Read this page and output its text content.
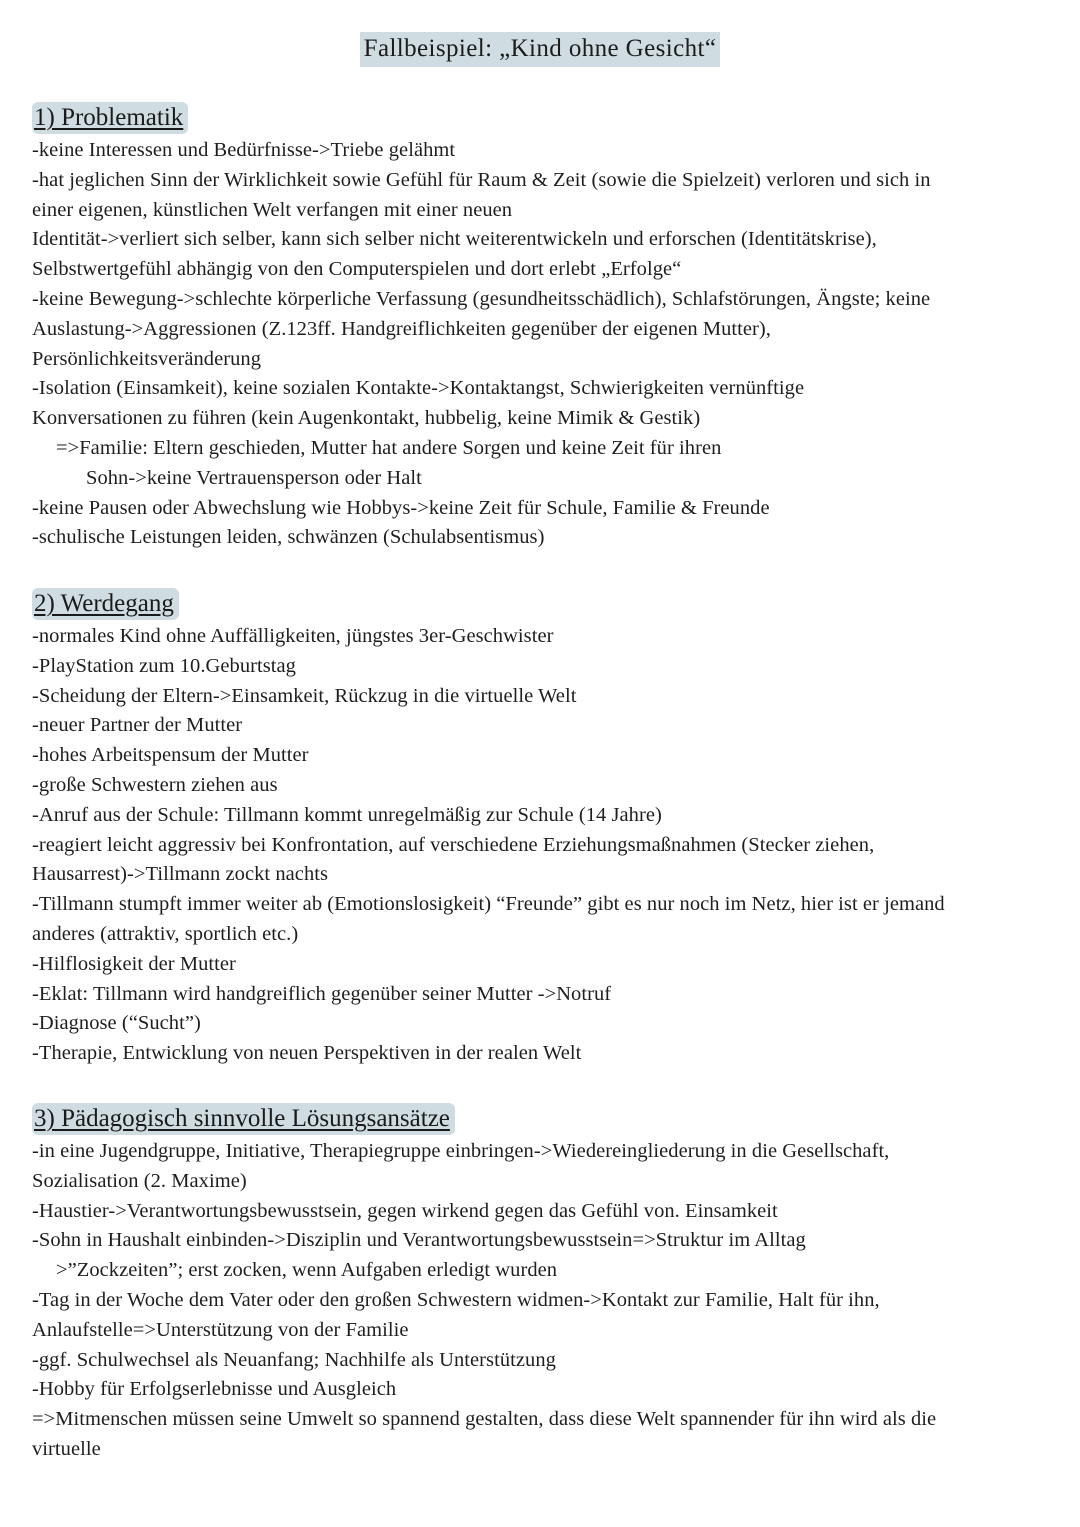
Fallbeispiel: „Kind ohne Gesicht“
1) Problematik
-keine Interessen und Bedürfnisse->Triebe gelähmt
-hat jeglichen Sinn der Wirklichkeit sowie Gefühl für Raum & Zeit (sowie die Spielzeit) verloren und sich in
einer eigenen, künstlichen Welt verfangen mit einer neuen
Identität->verliert sich selber, kann sich selber nicht weiterentwickeln und erforschen (Identitätskrise),
Selbstwertgefühl abhängig von den Computerspielen und dort erlebt „Erfolge“
-keine Bewegung->schlechte körperliche Verfassung (gesundheitsschädlich), Schlafstörungen, Ängste; keine
Auslastung->Aggressionen (Z.123ff. Handgreiflichkeiten gegenüber der eigenen Mutter),
Persönlichkeitsveränderung
-Isolation (Einsamkeit), keine sozialen Kontakte->Kontaktangst, Schwierigkeiten vernünftige
Konversationen zu führen (kein Augenkontakt, hubbelig, keine Mimik & Gestik)
=>Familie: Eltern geschieden, Mutter hat andere Sorgen und keine Zeit für ihren
Sohn->keine Vertrauensperson oder Halt
-keine Pausen oder Abwechslung wie Hobbys->keine Zeit für Schule, Familie & Freunde
-schulische Leistungen leiden, schwänzen (Schulabsentismus)
2) Werdegang
-normales Kind ohne Auffälligkeiten, jüngstes 3er-Geschwister
-PlayStation zum 10.Geburtstag
-Scheidung der Eltern->Einsamkeit, Rückzug in die virtuelle Welt
-neuer Partner der Mutter
-hohes Arbeitspensum der Mutter
-große Schwestern ziehen aus
-Anruf aus der Schule: Tillmann kommt unregelmäßig zur Schule (14 Jahre)
-reagiert leicht aggressiv bei Konfrontation, auf verschiedene Erziehungsmaßnahmen (Stecker ziehen,
Hausarrest)->Tillmann zockt nachts
-Tillmann stumpft immer weiter ab (Emotionslosigkeit) “Freunde” gibt es nur noch im Netz, hier ist er jemand
anderes (attraktiv, sportlich etc.)
-Hilflosigkeit der Mutter
-Eklat: Tillmann wird handgreiflich gegenüber seiner Mutter ->Notruf
-Diagnose (“Sucht”)
-Therapie, Entwicklung von neuen Perspektiven in der realen Welt
3) Pädagogisch sinnvolle Lösungsansätze
-in eine Jugendgruppe, Initiative, Therapiegruppe einbringen->Wiedereingliederung in die Gesellschaft,
Sozialisation (2. Maxime)
-Haustier->Verantwortungsbewusstsein, gegen wirkend gegen das Gefühl von. Einsamkeit
-Sohn in Haushalt einbinden->Disziplin und Verantwortungsbewusstsein=>Struktur im Alltag
>”Zockzeiten”; erst zocken, wenn Aufgaben erledigt wurden
-Tag in der Woche dem Vater oder den großen Schwestern widmen->Kontakt zur Familie, Halt für ihn,
Anlaufstelle=>Unterstützung von der Familie
-ggf. Schulwechsel als Neuanfang; Nachhilfe als Unterstützung
-Hobby für Erfolgserlebnisse und Ausgleich
=>Mitmenschen müssen seine Umwelt so spannend gestalten, dass diese Welt spannender für ihn wird als die
virtuelle
